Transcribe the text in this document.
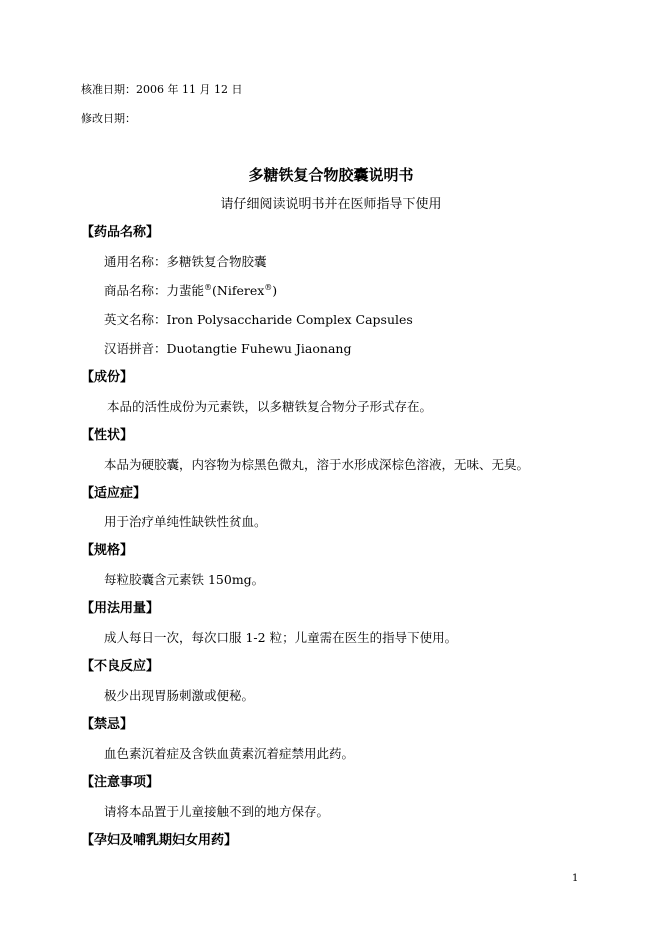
核准日期：2006 年 11 月 12 日
修改日期：
多糖铁复合物胶囊说明书
请仔细阅读说明书并在医师指导下使用
【药品名称】
通用名称：多糖铁复合物胶囊
商品名称：力蜚能®(Niferex®)
英文名称：Iron Polysaccharide Complex Capsules
汉语拼音：Duotangtie Fuhewu Jiaonang
【成份】
本品的活性成份为元素铁，以多糖铁复合物分子形式存在。
【性状】
本品为硬胶囊，内容物为棕黑色微丸，溶于水形成深棕色溶液，无味、无臭。
【适应症】
用于治疗单纯性缺铁性贫血。
【规格】
每粒胶囊含元素铁 150mg。
【用法用量】
成人每日一次，每次口服 1-2 粒；儿童需在医生的指导下使用。
【不良反应】
极少出现胃肠刺激或便秘。
【禁忌】
血色素沉着症及含铁血黄素沉着症禁用此药。
【注意事项】
请将本品置于儿童接触不到的地方保存。
【孕妇及哺乳期妇女用药】
1
